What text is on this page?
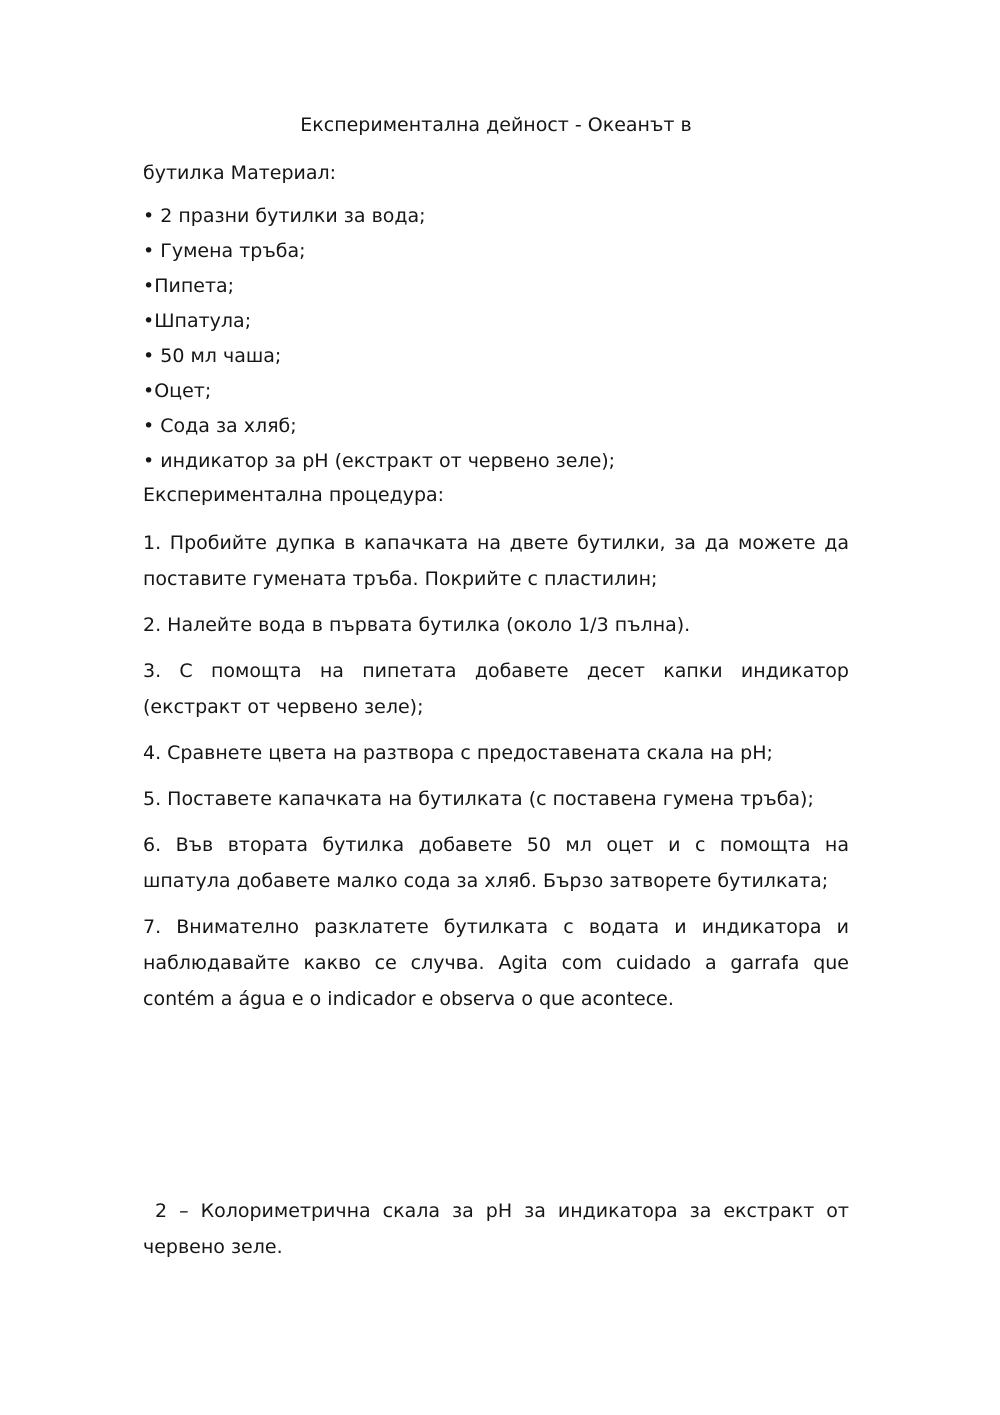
Експериментална дейност - Океанът в

бутилка Материал:

• 2 празни бутилки за вода;
• Гумена тръба;
•Пипета;
•Шпатула;
• 50 мл чаша;
•Оцет;
• Сода за хляб;
• индикатор за pH (екстракт от червено зеле);

Експериментална процедура:

1. Пробийте дупка в капачката на двете бутилки, за да можете да поставите гумената тръба. Покрийте с пластилин;

2. Налейте вода в първата бутилка (около 1/3 пълна).

3. С помощта на пипетата добавете десет капки индикатор (екстракт от червено зеле);

4. Сравнете цвета на разтвора с предоставената скала на pH;

5. Поставете капачката на бутилката (с поставена гумена тръба);

6. Във втората бутилка добавете 50 мл оцет и с помощта на шпатула добавете малко сода за хляб. Бързо затворете бутилката;

7. Внимателно разклатете бутилката с водата и индикатора и наблюдавайте какво се случва. Agita com cuidado a garrafa que contém a água e o indicador e observa o que acontece.

2 – Колориметрична скала за pH за индикатора за екстракт от червено зеле.
